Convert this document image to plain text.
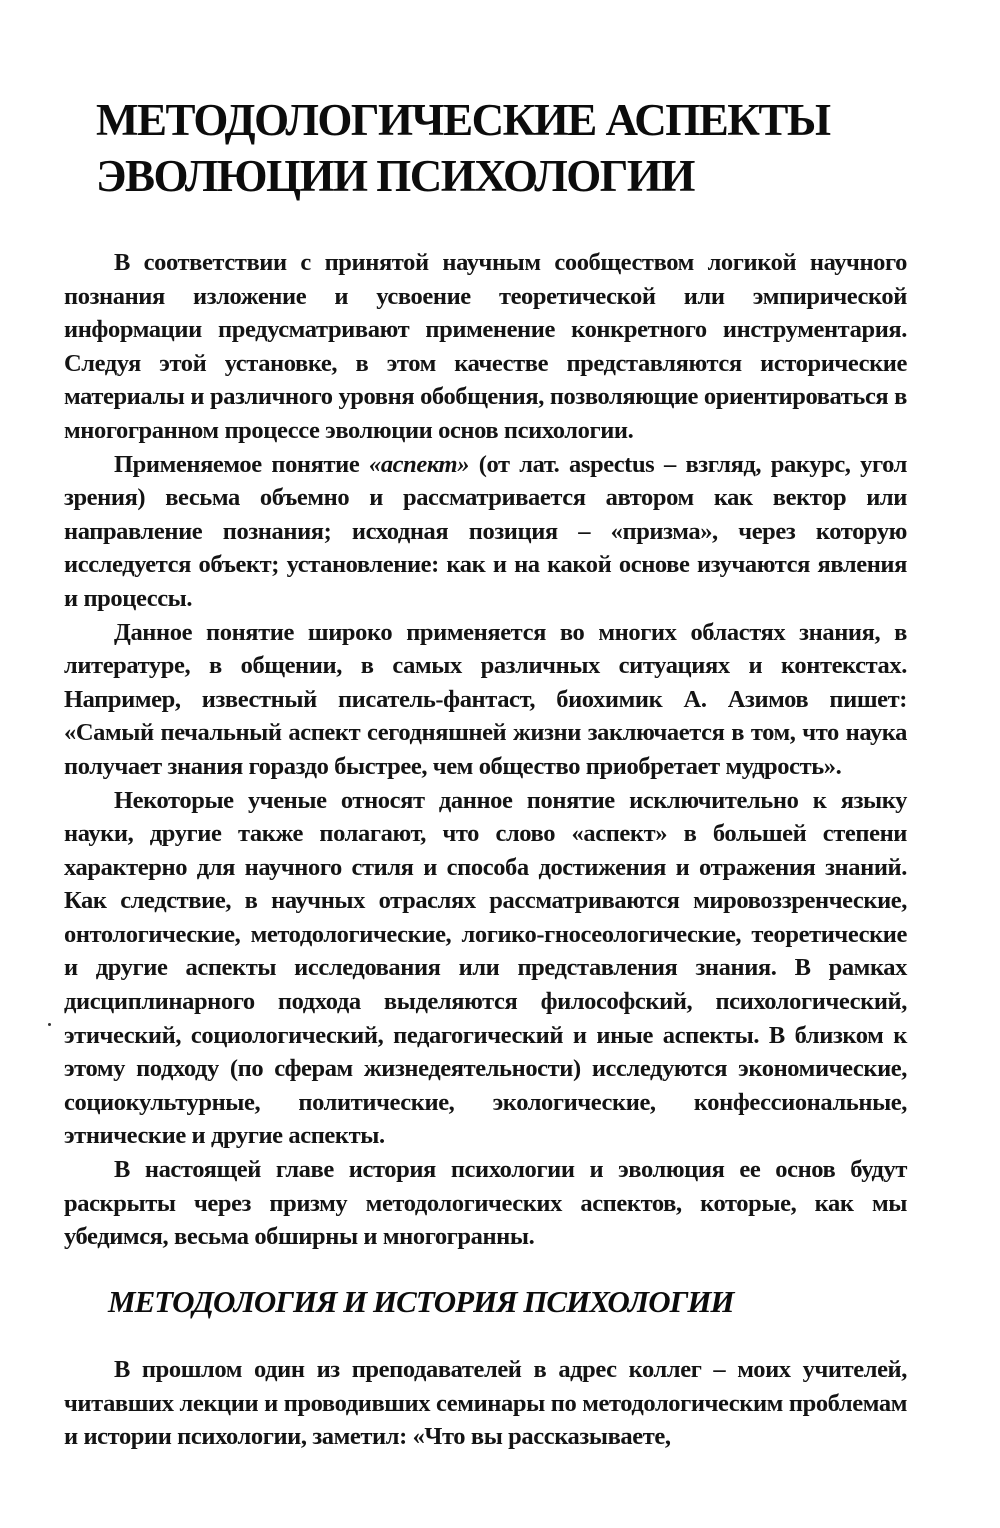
МЕТОДОЛОГИЧЕСКИЕ АСПЕКТЫ
ЭВОЛЮЦИИ ПСИХОЛОГИИ

В соответствии с принятой научным сообществом логикой научного познания изложение и усвоение теоретической или эмпирической информации предусматривают применение конкретного инструментария. Следуя этой установке, в этом качестве представляются исторические материалы и различного уровня обобщения, позволяющие ориентироваться в многогранном процессе эволюции основ психологии.

Применяемое понятие «аспект» (от лат. aspectus – взгляд, ракурс, угол зрения) весьма объемно и рассматривается автором как вектор или направление познания; исходная позиция – «призма», через которую исследуется объект; установление: как и на какой основе изучаются явления и процессы.

Данное понятие широко применяется во многих областях знания, в литературе, в общении, в самых различных ситуациях и контекстах. Например, известный писатель-фантаст, биохимик А. Азимов пишет: «Самый печальный аспект сегодняшней жизни заключается в том, что наука получает знания гораздо быстрее, чем общество приобретает мудрость».

Некоторые ученые относят данное понятие исключительно к языку науки, другие также полагают, что слово «аспект» в большей степени характерно для научного стиля и способа достижения и отражения знаний. Как следствие, в научных отраслях рассматриваются мировоззренческие, онтологические, методологические, логико-гносеологические, теоретические и другие аспекты исследования или представления знания. В рамках дисциплинарного подхода выделяются философский, психологический, этический, социологический, педагогический и иные аспекты. В близком к этому подходу (по сферам жизнедеятельности) исследуются экономические, социокультурные, политические, экологические, конфессиональные, этнические и другие аспекты.

В настоящей главе история психологии и эволюция ее основ будут раскрыты через призму методологических аспектов, которые, как мы убедимся, весьма обширны и многогранны.

МЕТОДОЛОГИЯ И ИСТОРИЯ ПСИХОЛОГИИ

В прошлом один из преподавателей в адрес коллег – моих учителей, читавших лекции и проводивших семинары по методологическим проблемам и истории психологии, заметил: «Что вы рассказываете,
